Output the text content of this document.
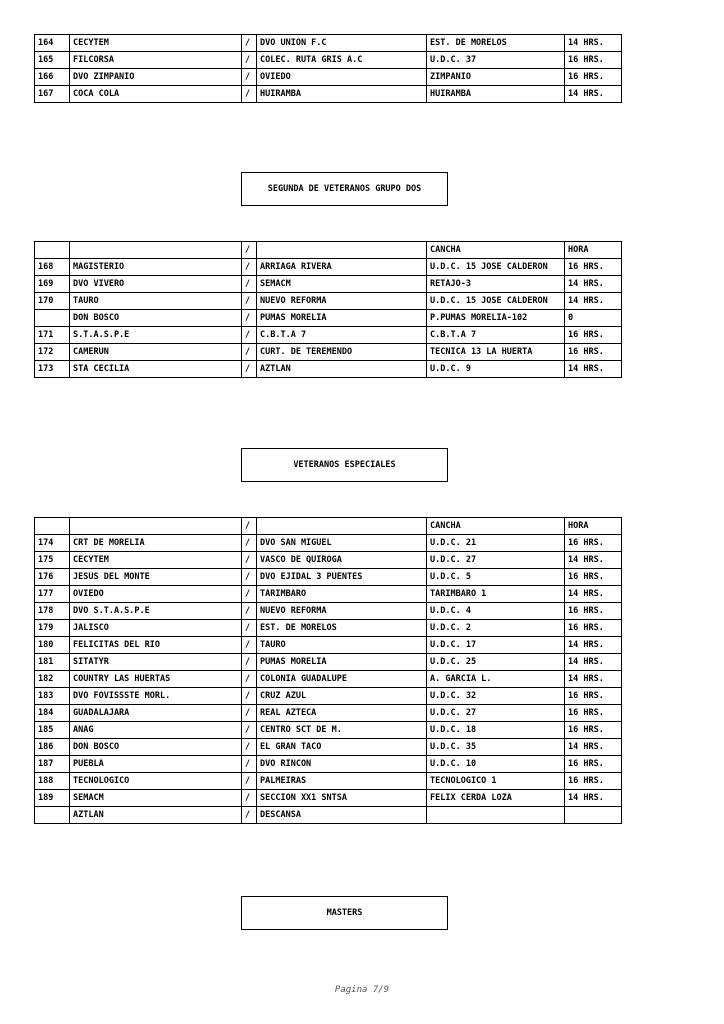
164	CECYTEM	/	DVO UNION F.C	EST. DE MORELOS	14 HRS.
165	FILCORSA	/	COLEC. RUTA GRIS A.C	U.D.C. 37	16 HRS.
166	DVO ZIMPANIO	/	OVIEDO	ZIMPANIO	16 HRS.
167	COCA COLA	/	HUIRAMBA	HUIRAMBA	14 HRS.
SEGUNDA DE VETERANOS GRUPO DOS
		/		CANCHA	HORA
168	MAGISTERIO	/	ARRIAGA RIVERA	U.D.C. 15 JOSE CALDERON	16 HRS.
169	DVO VIVERO	/	SEMACM	RETAJO-3	14 HRS.
170	TAURO	/	NUEVO REFORMA	U.D.C. 15 JOSE CALDERON	14 HRS.
	DON BOSCO	/	PUMAS MORELIA	P.PUMAS MORELIA-102	0
171	S.T.A.S.P.E	/	C.B.T.A 7	C.B.T.A 7	16 HRS.
172	CAMERUN	/	CURT. DE TEREMENDO	TECNICA 13 LA HUERTA	16 HRS.
173	STA CECILIA	/	AZTLAN	U.D.C. 9	14 HRS.
VETERANOS ESPECIALES
		/		CANCHA	HORA
174	CRT DE MORELIA	/	DVO SAN MIGUEL	U.D.C. 21	16 HRS.
175	CECYTEM	/	VASCO DE QUIROGA	U.D.C. 27	14 HRS.
176	JESUS DEL MONTE	/	DVO EJIDAL 3 PUENTES	U.D.C. 5	16 HRS.
177	OVIEDO	/	TARIMBARO	TARIMBARO 1	14 HRS.
178	DVO S.T.A.S.P.E	/	NUEVO REFORMA	U.D.C. 4	16 HRS.
179	JALISCO	/	EST. DE MORELOS	U.D.C. 2	16 HRS.
180	FELICITAS DEL RIO	/	TAURO	U.D.C. 17	14 HRS.
181	SITATYR	/	PUMAS MORELIA	U.D.C. 25	14 HRS.
182	COUNTRY LAS HUERTAS	/	COLONIA GUADALUPE	A. GARCIA L.	14 HRS.
183	DVO FOVISSSTE MORL.	/	CRUZ AZUL	U.D.C. 32	16 HRS.
184	GUADALAJARA	/	REAL AZTECA	U.D.C. 27	16 HRS.
185	ANAG	/	CENTRO SCT DE M.	U.D.C. 18	16 HRS.
186	DON BOSCO	/	EL GRAN TACO	U.D.C. 35	14 HRS.
187	PUEBLA	/	DVO RINCON	U.D.C. 10	16 HRS.
188	TECNOLOGICO	/	PALMEIRAS	TECNOLOGICO 1	16 HRS.
189	SEMACM	/	SECCION XX1 SNTSA	FELIX CERDA LOZA	14 HRS.
	AZTLAN	/	DESCANSA		
MASTERS
Pagina 7/9
